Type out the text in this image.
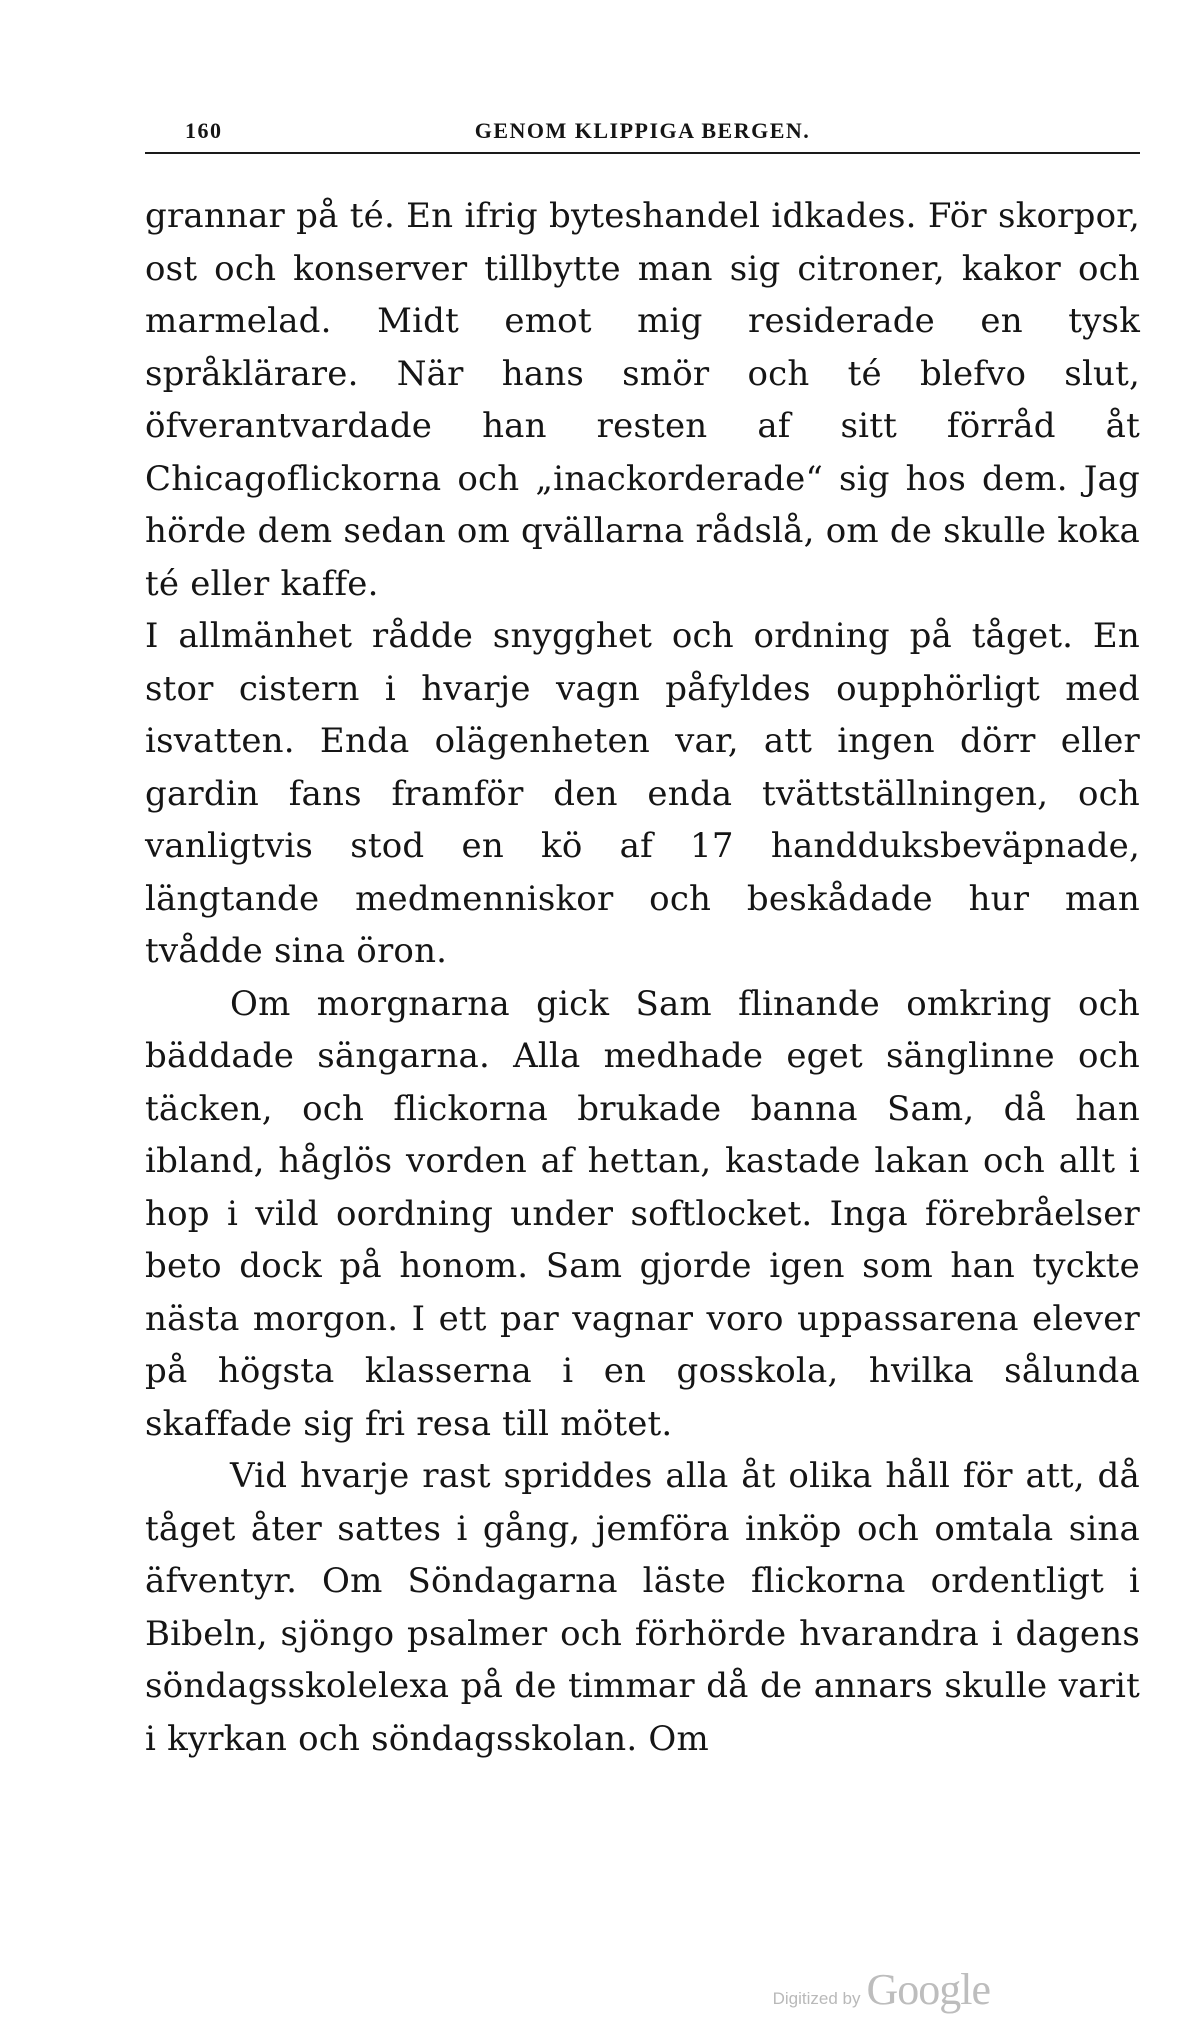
160	GENOM KLIPPIGA BERGEN.

grannar på té. En ifrig byteshandel idkades. För skorpor, ost och konserver tillbytte man sig citroner, kakor och marmelad. Midt emot mig residerade en tysk språklärare. När hans smör och té blefvo slut, öfverantvardade han resten af sitt förråd åt Chicagoflickorna och „inackorderade“ sig hos dem. Jag hörde dem sedan om qvällarna rådslå, om de skulle koka té eller kaffe.

I allmänhet rådde snygghet och ordning på tåget. En stor cistern i hvarje vagn påfyldes oupphörligt med isvatten. Enda olägenheten var, att ingen dörr eller gardin fans framför den enda tvättställningen, och vanligtvis stod en kö af 17 handduksbeväpnade, längtande medmenniskor och beskådade hur man tvådde sina öron.

Om morgnarna gick Sam flinande omkring och bäddade sängarna. Alla medhade eget sänglinne och täcken, och flickorna brukade banna Sam, då han ibland, håglös vorden af hettan, kastade lakan och allt i hop i vild oordning under softlocket. Inga förebråelser beto dock på honom. Sam gjorde igen som han tyckte nästa morgon. I ett par vagnar voro uppassarena elever på högsta klasserna i en gosskola, hvilka sålunda skaffade sig fri resa till mötet.

Vid hvarje rast spriddes alla åt olika håll för att, då tåget åter sattes i gång, jemföra inköp och omtala sina äfventyr. Om Söndagarna läste flickorna ordentligt i Bibeln, sjöngo psalmer och förhörde hvarandra i dagens söndagsskolelexa på de timmar då de annars skulle varit i kyrkan och söndagsskolan. Om

Digitized by Google
